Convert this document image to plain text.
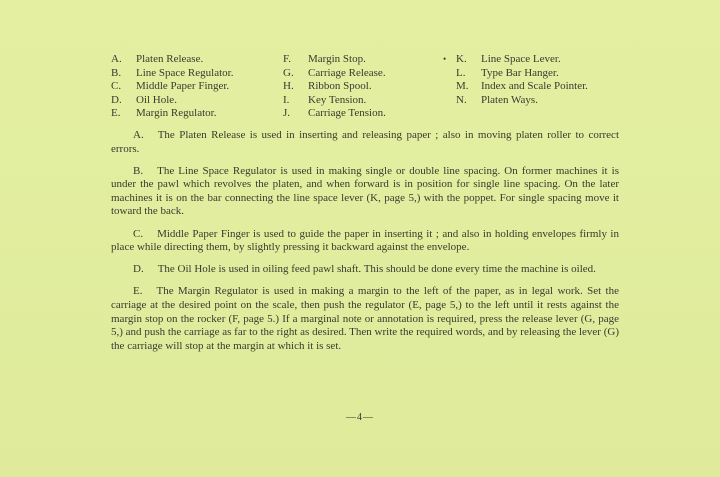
A. Platen Release.
B. Line Space Regulator.
C. Middle Paper Finger.
D. Oil Hole.
E. Margin Regulator.
F. Margin Stop.
G. Carriage Release.
H. Ribbon Spool.
I. Key Tension.
J. Carriage Tension.
• K. Line Space Lever.
L. Type Bar Hanger.
M. Index and Scale Pointer.
N. Platen Ways.

A. The Platen Release is used in inserting and releasing paper ; also in moving platen roller to correct errors.

B. The Line Space Regulator is used in making single or double line spacing. On former machines it is under the pawl which revolves the platen, and when forward is in position for single line spacing. On the later machines it is on the bar connecting the line space lever (K, page 5,) with the poppet. For single spacing move it toward the back.

C. Middle Paper Finger is used to guide the paper in inserting it ; and also in holding envelopes firmly in place while directing them, by slightly pressing it backward against the envelope.

D. The Oil Hole is used in oiling feed pawl shaft. This should be done every time the machine is oiled.

E. The Margin Regulator is used in making a margin to the left of the paper, as in legal work. Set the carriage at the desired point on the scale, then push the regulator (E, page 5,) to the left until it rests against the margin stop on the rocker (F, page 5.) If a marginal note or annotation is required, press the release lever (G, page 5,) and push the carriage as far to the right as desired. Then write the required words, and by releasing the lever (G) the carriage will stop at the margin at which it is set.

—4—
